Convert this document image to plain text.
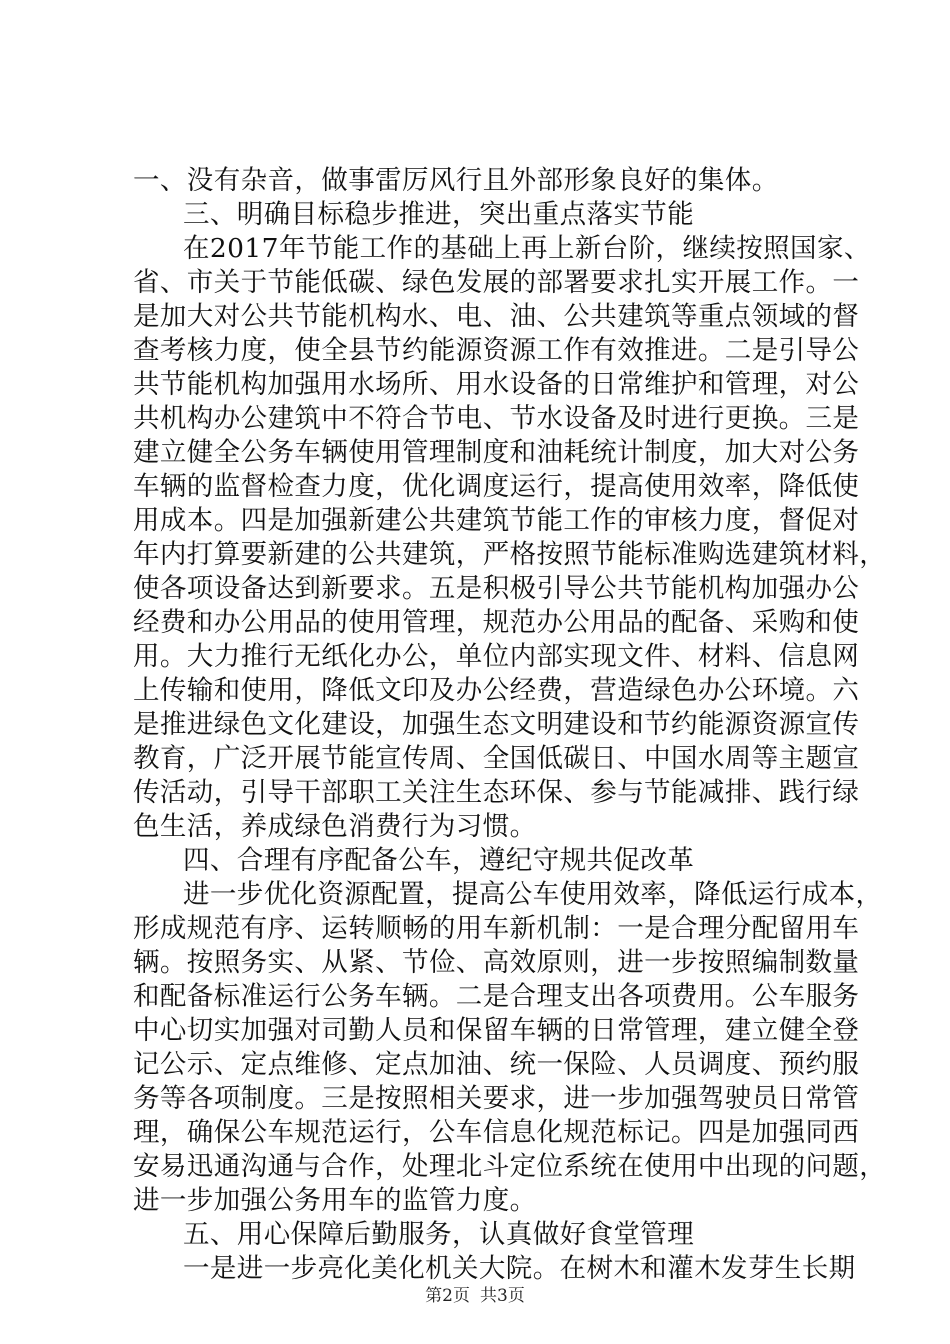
一、没有杂音，做事雷厉风行且外部形象良好的集体。
三、明确目标稳步推进，突出重点落实节能
在2017年节能工作的基础上再上新台阶，继续按照国家、
省、市关于节能低碳、绿色发展的部署要求扎实开展工作。一
是加大对公共节能机构水、电、油、公共建筑等重点领域的督
查考核力度，使全县节约能源资源工作有效推进。二是引导公
共节能机构加强用水场所、用水设备的日常维护和管理，对公
共机构办公建筑中不符合节电、节水设备及时进行更换。三是
建立健全公务车辆使用管理制度和油耗统计制度，加大对公务
车辆的监督检查力度，优化调度运行，提高使用效率，降低使
用成本。四是加强新建公共建筑节能工作的审核力度，督促对
年内打算要新建的公共建筑，严格按照节能标准购选建筑材料，
使各项设备达到新要求。五是积极引导公共节能机构加强办公
经费和办公用品的使用管理，规范办公用品的配备、采购和使
用。大力推行无纸化办公，单位内部实现文件、材料、信息网
上传输和使用，降低文印及办公经费，营造绿色办公环境。六
是推进绿色文化建设，加强生态文明建设和节约能源资源宣传
教育，广泛开展节能宣传周、全国低碳日、中国水周等主题宣
传活动，引导干部职工关注生态环保、参与节能减排、践行绿
色生活，养成绿色消费行为习惯。
四、合理有序配备公车，遵纪守规共促改革
进一步优化资源配置，提高公车使用效率，降低运行成本，
形成规范有序、运转顺畅的用车新机制：一是合理分配留用车
辆。按照务实、从紧、节俭、高效原则，进一步按照编制数量
和配备标准运行公务车辆。二是合理支出各项费用。公车服务
中心切实加强对司勤人员和保留车辆的日常管理，建立健全登
记公示、定点维修、定点加油、统一保险、人员调度、预约服
务等各项制度。三是按照相关要求，进一步加强驾驶员日常管
理，确保公车规范运行，公车信息化规范标记。四是加强同西
安易迅通沟通与合作，处理北斗定位系统在使用中出现的问题，
进一步加强公务用车的监管力度。
五、用心保障后勤服务，认真做好食堂管理
一是进一步亮化美化机关大院。在树木和灌木发芽生长期
第2页 共3页
